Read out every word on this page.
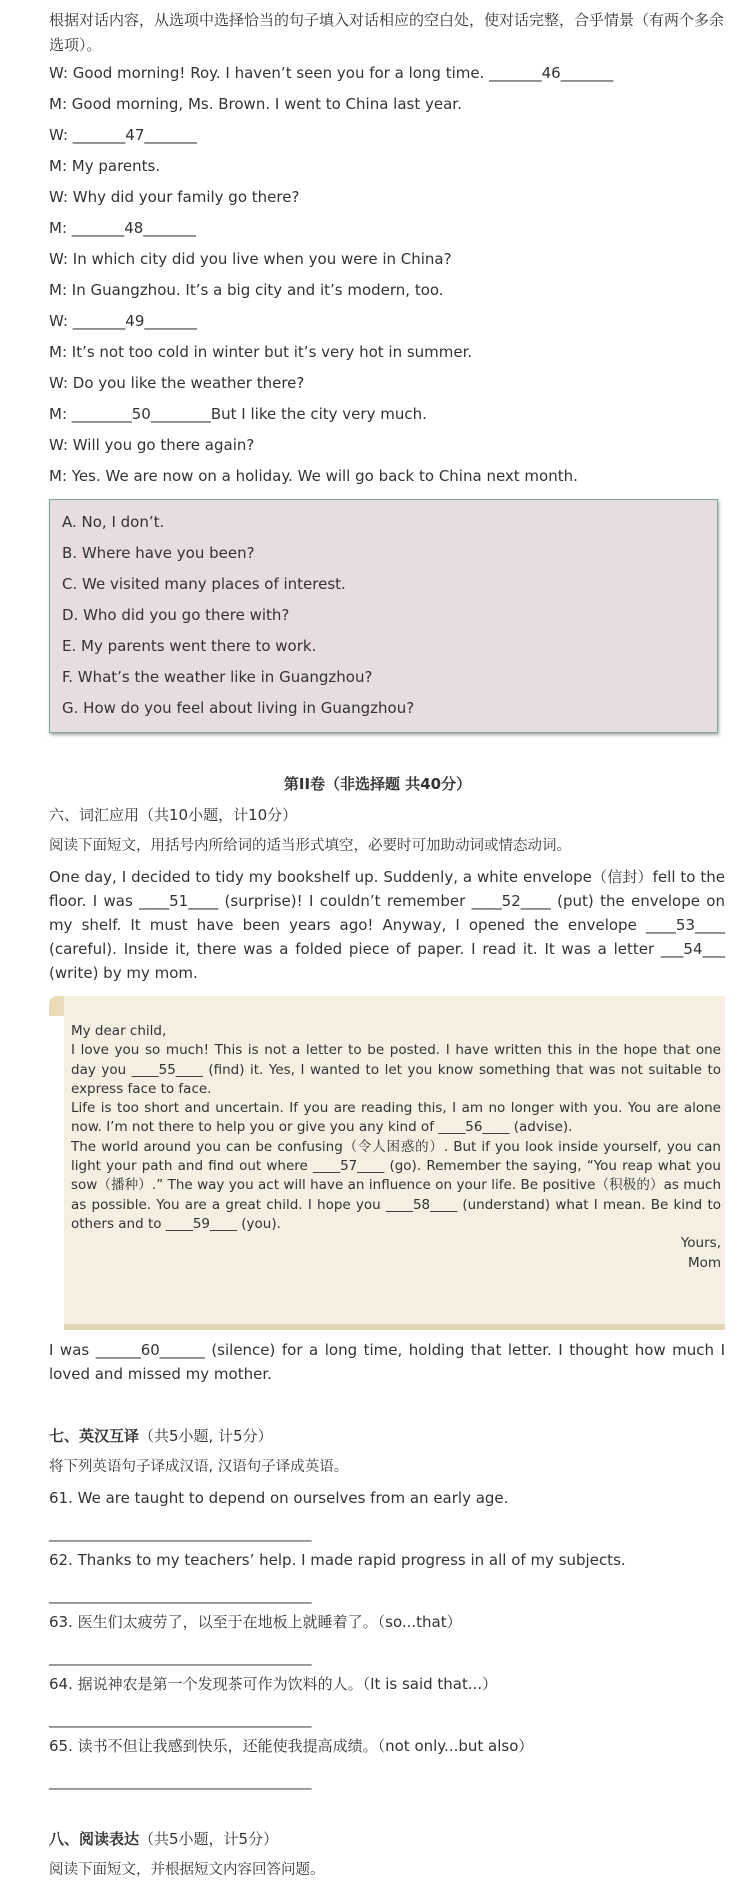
根据对话内容，从选项中选择恰当的句子填入对话相应的空白处，使对话完整，合乎情景（有两个多余选项）。
W: Good morning! Roy. I haven’t seen you for a long time. _______46_______
M: Good morning, Ms. Brown. I went to China last year.
W: _______47_______
M: My parents.
W: Why did your family go there?
M: _______48_______
W: In which city did you live when you were in China?
M: In Guangzhou. It’s a big city and it’s modern, too.
W: _______49_______
M: It’s not too cold in winter but it’s very hot in summer.
W: Do you like the weather there?
M: ________50________But I like the city very much.
W: Will you go there again?
M: Yes. We are now on a holiday. We will go back to China next month.
A. No, I don’t.
B. Where have you been?
C. We visited many places of interest.
D. Who did you go there with?
E. My parents went there to work.
F. What’s the weather like in Guangzhou?
G. How do you feel about living in Guangzhou?
第II卷（非选择题 共40分）
六、词汇应用（共10小题，计10分）
阅读下面短文，用括号内所给词的适当形式填空，必要时可加助动词或情态动词。
One day, I decided to tidy my bookshelf up. Suddenly, a white envelope（信封）fell to the floor. I was ____51____ (surprise)! I couldn’t remember ____52____ (put) the envelope on my shelf. It must have been years ago! Anyway, I opened the envelope ____53____ (careful). Inside it, there was a folded piece of paper. I read it. It was a letter ___54___ (write) by my mom.

My dear child,

I love you so much! This is not a letter to be posted. I have written this in the hope that one day you ____55____ (find) it. Yes, I wanted to let you know something that was not suitable to express face to face.

Life is too short and uncertain. If you are reading this, I am no longer with you. You are alone now. I’m not there to help you or give you any kind of ____56____ (advise).

The world around you can be confusing（令人困惑的）. But if you look inside yourself, you can light your path and find out where ____57____ (go). Remember the saying, “You reap what you sow（播种）.” The way you act will have an influence on your life. Be positive（积极的）as much as possible. You are a great child. I hope you ____58____ (understand) what I mean. Be kind to others and to ____59____ (you).

Yours,

Mom

I was ______60______ (silence) for a long time, holding that letter. I thought how much I loved and missed my mother.
七、英汉互译（共5小题, 计5分）
将下列英语句子译成汉语, 汉语句子译成英语。
61. We are taught to depend on ourselves from an early age.
___________________________________
62. Thanks to my teachers’ help. I made rapid progress in all of my subjects.
___________________________________
63. 医生们太疲劳了，以至于在地板上就睡着了。（so...that）
___________________________________
64. 据说神农是第一个发现茶可作为饮料的人。（It is said that...）
___________________________________
65. 读书不但让我感到快乐，还能使我提高成绩。（not only...but also）
___________________________________
八、阅读表达（共5小题，计5分）
阅读下面短文，并根据短文内容回答问题。
